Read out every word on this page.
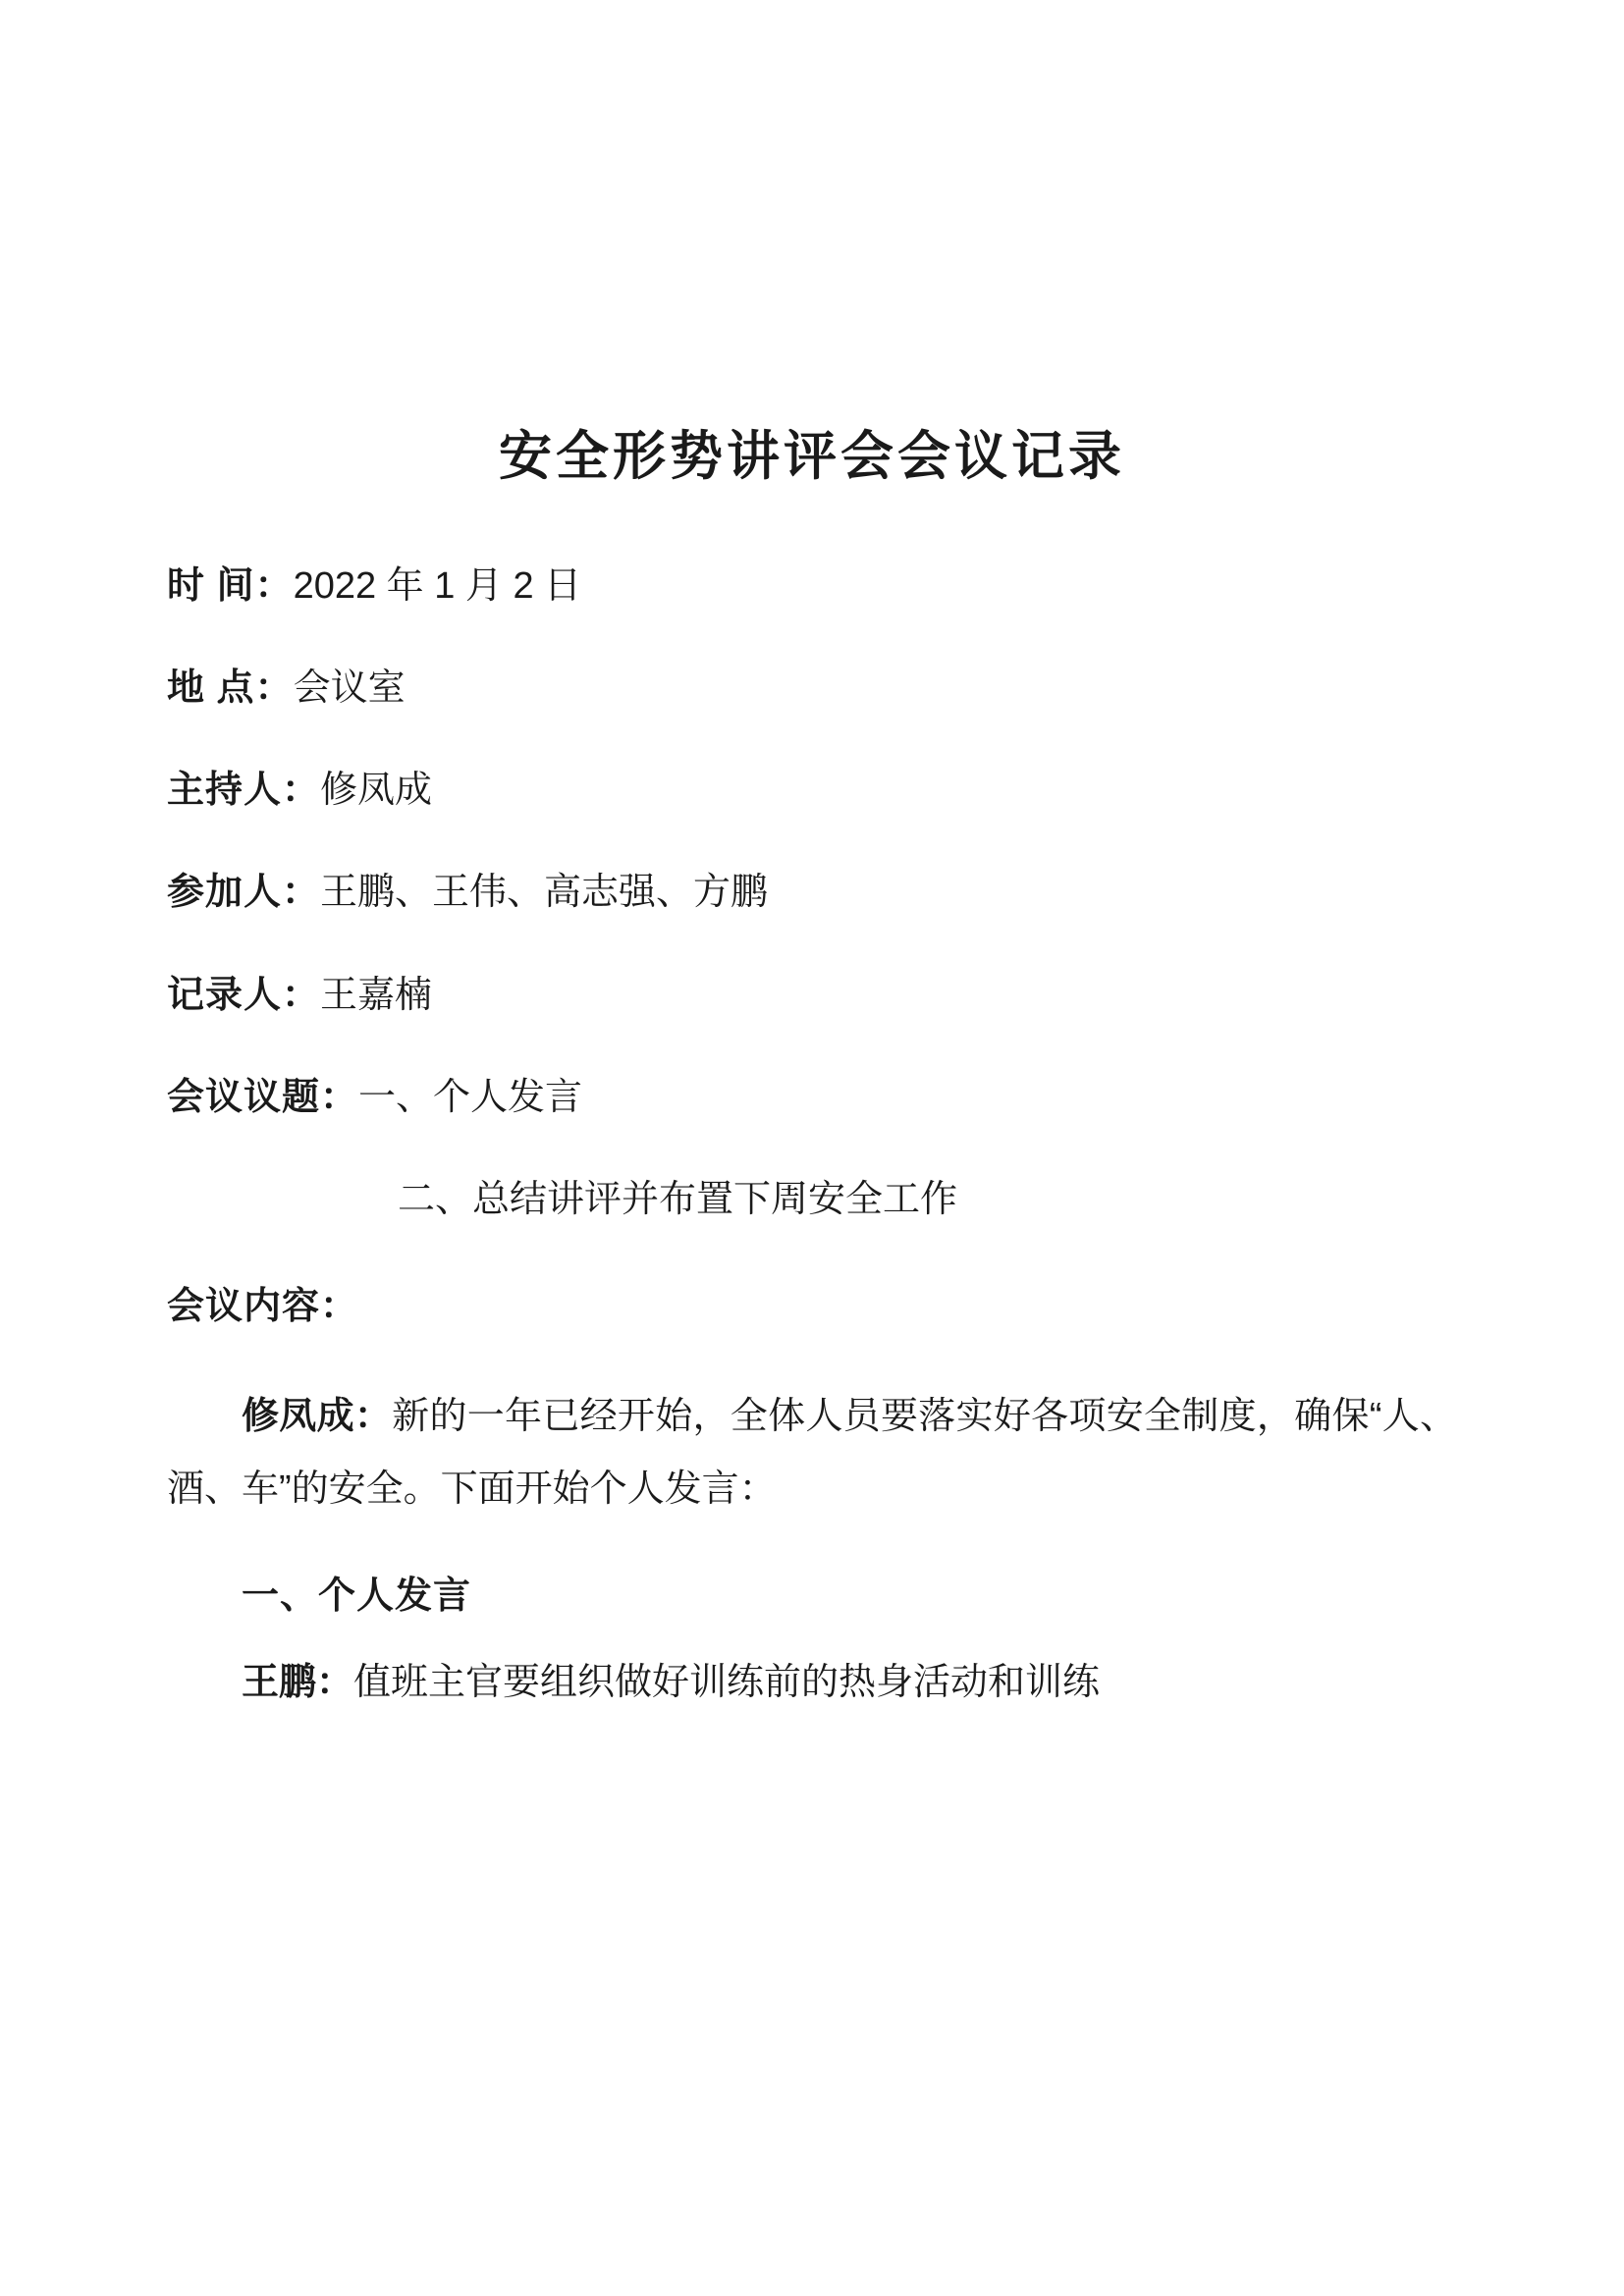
安全形势讲评会会议记录

时 间：2022 年 1 月 2 日

地 点：会议室

主持人：修凤成

参加人：王鹏、王伟、高志强、方鹏

记录人：王嘉楠

会议议题：一、个人发言

二、总结讲评并布置下周安全工作

会议内容：

修凤成：新的一年已经开始，全体人员要落实好各项安全制度，确保“人、酒、车”的安全。下面开始个人发言：

一、个人发言

王鹏：值班主官要组织做好训练前的热身活动和训练
